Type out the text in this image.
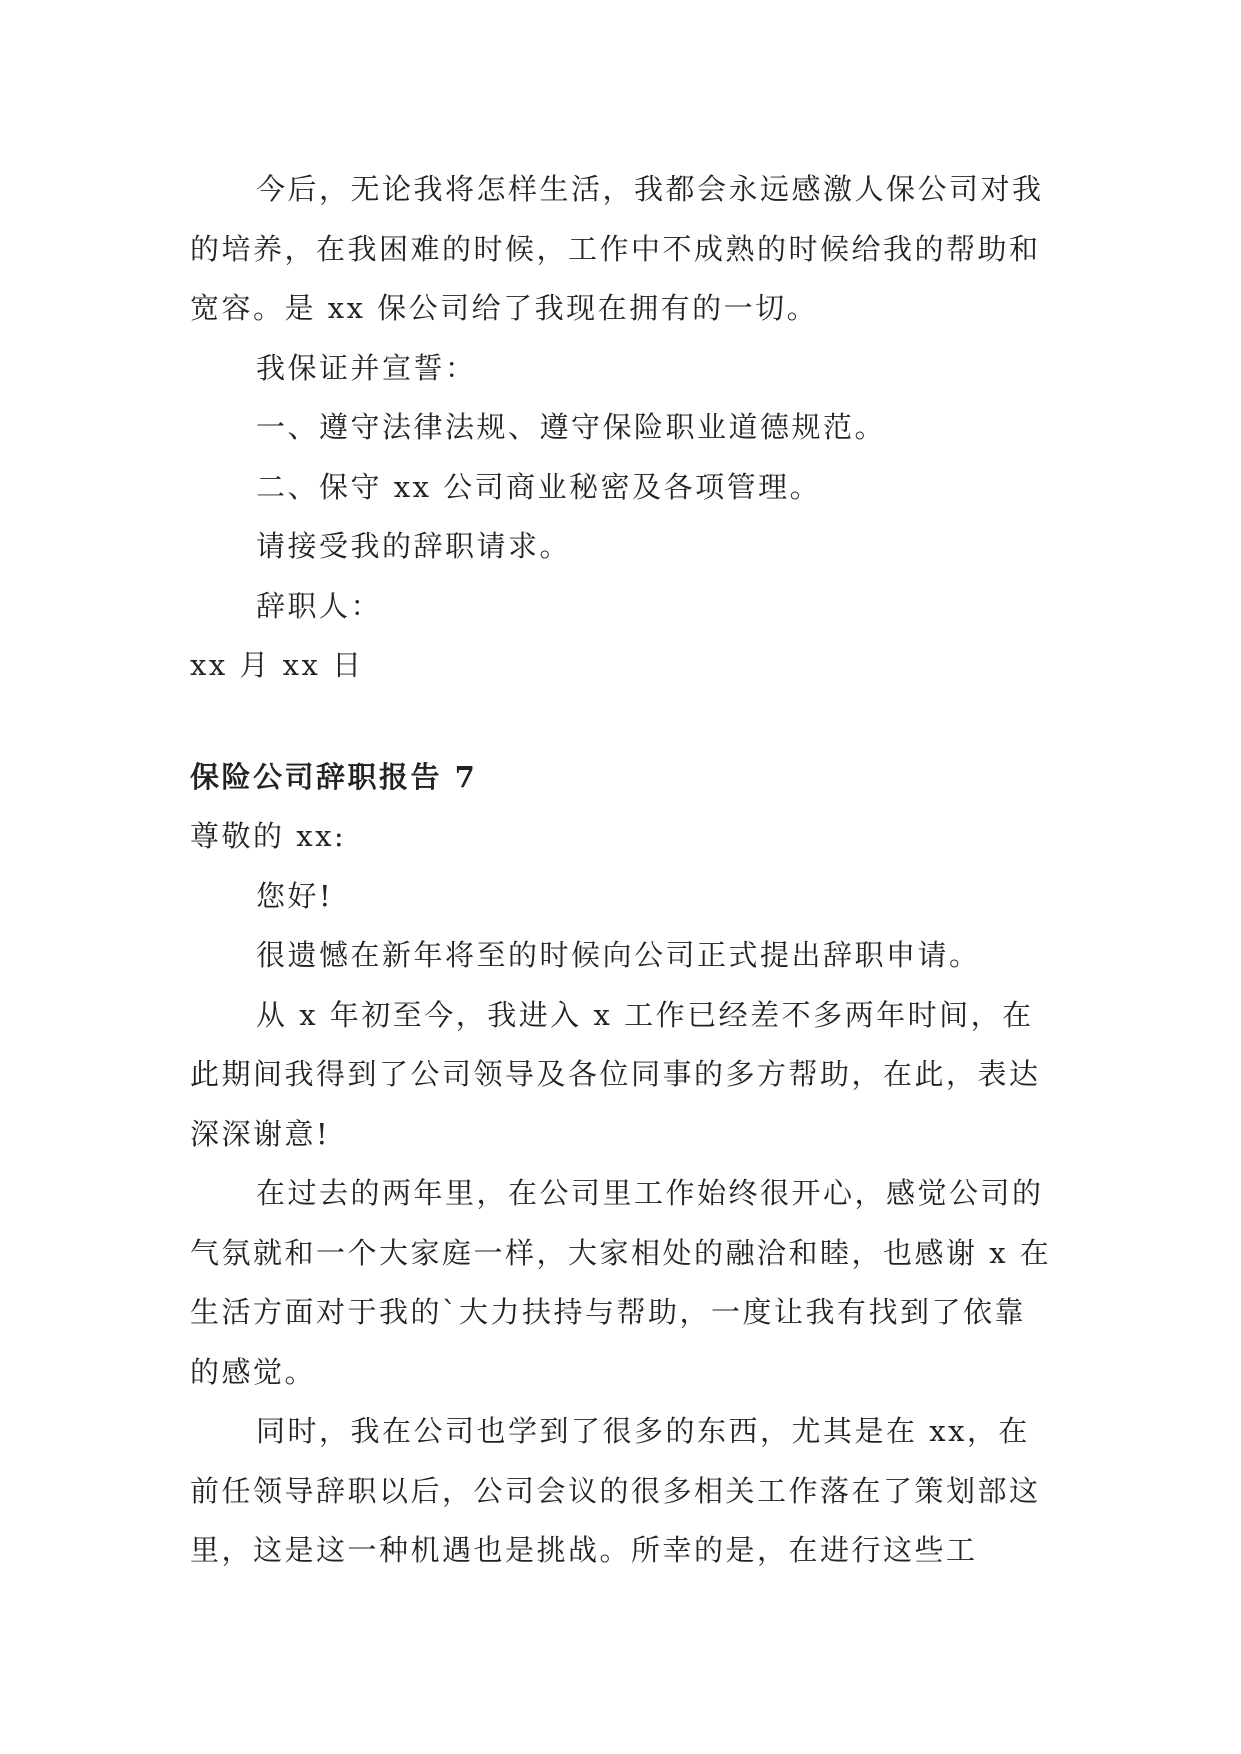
今后，无论我将怎样生活，我都会永远感激人保公司对我的培养，在我困难的时候，工作中不成熟的时候给我的帮助和宽容。是 xx 保公司给了我现在拥有的一切。

我保证并宣誓：

一、遵守法律法规、遵守保险职业道德规范。

二、保守 xx 公司商业秘密及各项管理。

请接受我的辞职请求。

辞职人：

xx 月 xx 日

保险公司辞职报告 7

尊敬的 xx:

您好!

很遗憾在新年将至的时候向公司正式提出辞职申请。

从 x 年初至今，我进入 x 工作已经差不多两年时间，在此期间我得到了公司领导及各位同事的多方帮助，在此，表达深深谢意!

在过去的两年里，在公司里工作始终很开心，感觉公司的气氛就和一个大家庭一样，大家相处的融洽和睦，也感谢 x 在生活方面对于我的`大力扶持与帮助，一度让我有找到了依靠的感觉。

同时，我在公司也学到了很多的东西，尤其是在 xx，在前任领导辞职以后，公司会议的很多相关工作落在了策划部这里，这是这一种机遇也是挑战。所幸的是，在进行这些工
